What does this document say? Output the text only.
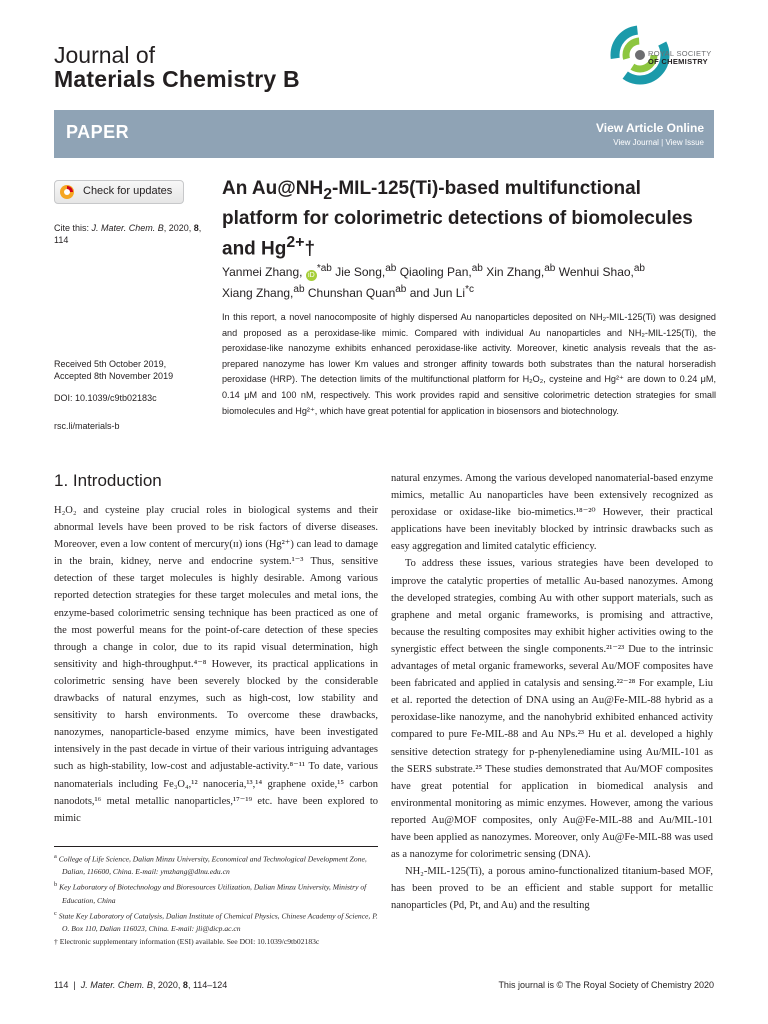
Journal of
Materials Chemistry B
ROYAL SOCIETY
OF CHEMISTRY
PAPER	View Article Online
View Journal | View Issue
Check for updates
Cite this: J. Mater. Chem. B, 2020, 8, 114
Received 5th October 2019,
Accepted 8th November 2019
DOI: 10.1039/c9tb02183c
rsc.li/materials-b
An $Au@NH_2-MIL-125(Ti)$-based multifunctional platform for colorimetric detections of biomolecules and $Hg^{2+}\dagger$
Yanmei Zhang, $iD^{*ab}$ Jie Song,$^{ab}$ Qiaoling Pan,$^{ab}$ Xin Zhang,$^{ab}$ Wenhui Shao,$^{ab}$
Xiang Zhang,$^{ab}$ Chunshan Quan$^{ab}$ and Jun Li$^{*c}$
In this report, a novel nanocomposite of highly dispersed Au nanoparticles deposited on NH₂-MIL-125(Ti) was designed and proposed as a peroxidase-like mimic. Compared with individual Au nanoparticles and NH₂-MIL-125(Ti), the peroxidase-like nanozyme exhibits enhanced peroxidase-like activity. Moreover, kinetic analysis reveals that the as-prepared nanozyme has lower Km values and stronger affinity towards both substrates than the natural horseradish peroxidase (HRP). The detection limits of the multifunctional platform for H₂O₂, cysteine and Hg²⁺ are down to 0.24 μM, 0.14 μM and 100 nM, respectively. This work provides rapid and sensitive colorimetric detection strategies for small biomolecules and Hg²⁺, which have great potential for application in biosensors and biotechnology.
1. Introduction

H₂O₂ and cysteine play crucial roles in biological systems and their abnormal levels have been proved to be risk factors of diverse diseases. Moreover, even a low content of mercury(ɪɪ) ions (Hg²⁺) can lead to damage in the brain, kidney, nerve and endocrine system.¹⁻³ Thus, sensitive detection of these target molecules is highly desirable. Among various reported detection strategies for these target molecules and metal ions, the enzyme-based colorimetric sensing technique has been practiced as one of the most powerful means for the point-of-care detection of these species through a change in color, due to its rapid visual determination, high sensitivity and high-throughput.⁴⁻⁸ However, its practical applications in colorimetric sensing have been severely blocked by the considerable drawbacks of natural enzymes, such as high-cost, low stability and sensitivity to harsh environments. To overcome these drawbacks, nanozymes, nanoparticle-based enzyme mimics, have been investigated intensively in the past decade in virtue of their various intriguing advantages such as high-stability, low-cost and adjustable-activity.⁸⁻¹¹ To date, various nanomaterials including Fe₃O₄,¹² nanoceria,¹³,¹⁴ graphene oxide,¹⁵ carbon nanodots,¹⁶ metal metallic nanoparticles,¹⁷⁻¹⁹ etc. have been explored to mimic

natural enzymes. Among the various developed nanomaterial-based enzyme mimics, metallic Au nanoparticles have been extensively recognized as peroxidase or oxidase-like bio-mimetics.¹⁸⁻²⁰ However, their practical applications have been inevitably blocked by intrinsic drawbacks such as easy aggregation and limited catalytic efficiency.

To address these issues, various strategies have been developed to improve the catalytic properties of metallic Au-based nanozymes. Among the developed strategies, combing Au with other support materials, such as graphene and metal organic frameworks, is promising and attractive, because the resulting composites may exhibit higher activities owing to the synergistic effect between the single components.²¹⁻²³ Due to the intrinsic advantages of metal organic frameworks, several Au/MOF composites have been fabricated and applied in catalysis and sensing.²²⁻²⁸ For example, Liu et al. reported the detection of DNA using an Au@Fe-MIL-88 hybrid as a peroxidase-like nanozyme, and the nanohybrid exhibited enhanced activity compared to pure Fe-MIL-88 and Au NPs.²³ Hu et al. developed a highly sensitive detection strategy for p-phenylenediamine using Au/MIL-101 as the SERS substrate.²⁵ These studies demonstrated that Au/MOF composites have great potential for application in biomedical analysis and environmental monitoring as mimic enzymes. However, among the various reported Au@MOF composites, only Au@Fe-MIL-88 and Au/MIL-101 have been applied as nanozymes. Moreover, only Au@Fe-MIL-88 was used as a nanozyme for colorimetric sensing (DNA).

NH₂-MIL-125(Ti), a porous amino-functionalized titanium-based MOF, has been proved to be an efficient and stable support for metallic nanoparticles (Pd, Pt, and Au) and the resulting

$^a$ College of Life Science, Dalian Minzu University, Economical and Technological Development Zone, Dalian, 116600, China. E-mail: ymzhang@dlnu.edu.cn
$^b$ Key Laboratory of Biotechnology and Bioresources Utilization, Dalian Minzu University, Ministry of Education, China
$^c$ State Key Laboratory of Catalysis, Dalian Institute of Chemical Physics, Chinese Academy of Science, P. O. Box 110, Dalian 116023, China. E-mail: jli@dicp.ac.cn
† Electronic supplementary information (ESI) available. See DOI: 10.1039/c9tb02183c
114  |  J. Mater. Chem. B, 2020, 8, 114–124	This journal is © The Royal Society of Chemistry 2020
